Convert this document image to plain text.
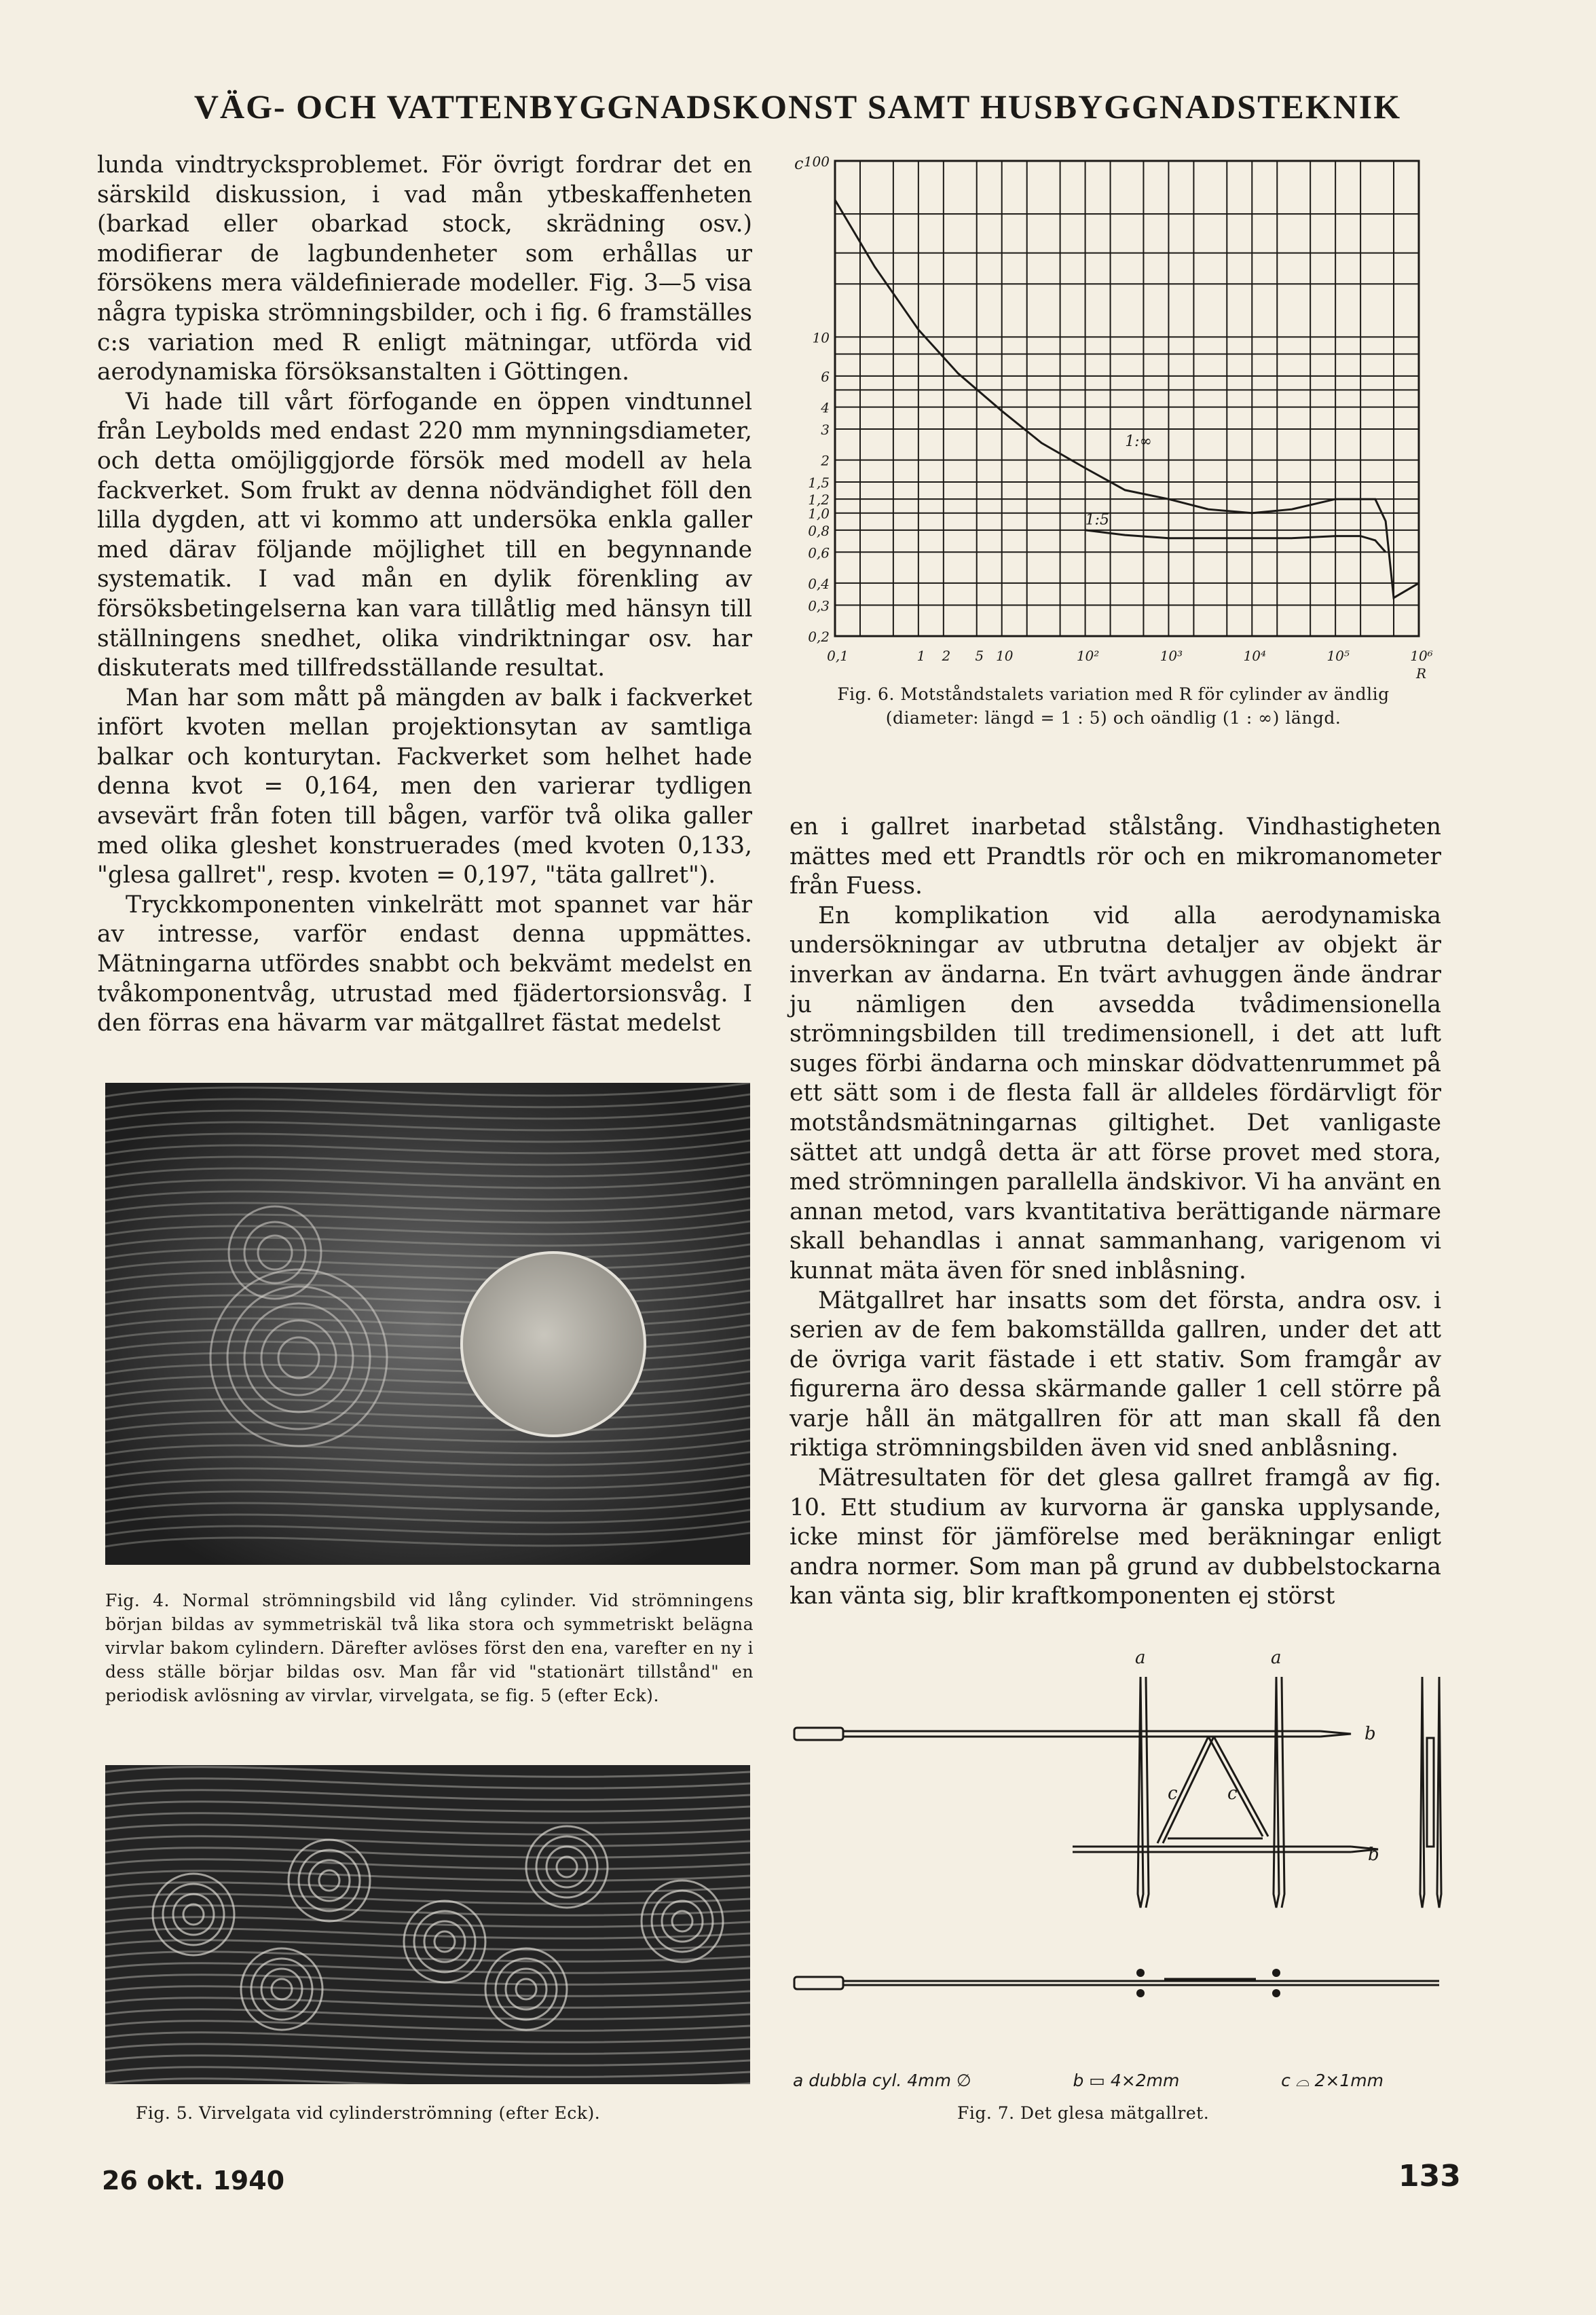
VÄG- OCH VATTENBYGGNADSKONST SAMT HUSBYGGNADSTEKNIK

lunda vindtrycksproblemet. För övrigt fordrar det en särskild diskussion, i vad mån ytbeskaffenheten (barkad eller obarkad stock, skrädning osv.) modifierar de lagbundenheter som erhållas ur försökens mera väldefinierade modeller. Fig. 3—5 visa några typiska strömningsbilder, och i fig. 6 framställes c:s variation med R enligt mätningar, utförda vid aerodynamiska försöksanstalten i Göttingen.

Vi hade till vårt förfogande en öppen vindtunnel från Leybolds med endast 220 mm mynningsdiameter, och detta omöjliggjorde försök med modell av hela fackverket. Som frukt av denna nödvändighet föll den lilla dygden, att vi kommo att undersöka enkla galler med därav följande möjlighet till en begynnande systematik. I vad mån en dylik förenkling av försöksbetingelserna kan vara tillåtlig med hänsyn till ställningens snedhet, olika vindriktningar osv. har diskuterats med tillfredsställande resultat.

Man har som mått på mängden av balk i fackverket infört kvoten mellan projektionsytan av samtliga balkar och konturytan. Fackverket som helhet hade denna kvot = 0,164, men den varierar tydligen avsevärt från foten till bågen, varför två olika galler med olika gleshet konstruerades (med kvoten 0,133, "glesa gallret", resp. kvoten = 0,197, "täta gallret").

Tryckkomponenten vinkelrätt mot spannet var här av intresse, varför endast denna uppmättes. Mätningarna utfördes snabbt och bekvämt medelst en tvåkomponentvåg, utrustad med fjädertorsionsvåg. I den förras ena hävarm var mätgallret fästat medelst

100
10
6
4
3
2
1,5
1,2
1,0
0,8
0,6
0,4
0,3
0,2
0,1	1 2 5 10	10²	10³	10⁴	10⁵	10⁶
c
R
1:∞
1:5
Fig. 6. Motståndstalets variation med R för cylinder av ändlig (diameter: längd = 1 : 5) och oändlig (1 : ∞) längd.

en i gallret inarbetad stålstång. Vindhastigheten mättes med ett Prandtls rör och en mikromanometer från Fuess.

En komplikation vid alla aerodynamiska undersökningar av utbrutna detaljer av objekt är inverkan av ändarna. En tvärt avhuggen ände ändrar ju nämligen den avsedda tvådimensionella strömningsbilden till tredimensionell, i det att luft suges förbi ändarna och minskar dödvattenrummet på ett sätt som i de flesta fall är alldeles fördärvligt för motståndsmätningarnas giltighet. Det vanligaste sättet att undgå detta är att förse provet med stora, med strömningen parallella ändskivor. Vi ha använt en annan metod, vars kvantitativa berättigande närmare skall behandlas i annat sammanhang, varigenom vi kunnat mäta även för sned inblåsning.

Mätgallret har insatts som det första, andra osv. i serien av de fem bakomställda gallren, under det att de övriga varit fästade i ett stativ. Som framgår av figurerna äro dessa skärmande galler 1 cell större på varje håll än mätgallren för att man skall få den riktiga strömningsbilden även vid sned anblåsning.

Mätresultaten för det glesa gallret framgå av fig. 10. Ett studium av kurvorna är ganska upplysande, icke minst för jämförelse med beräkningar enligt andra normer. Som man på grund av dubbelstockarna kan vänta sig, blir kraftkomponenten ej störst

Fig. 4. Normal strömningsbild vid lång cylinder. Vid strömningens början bildas av symmetriskäl två lika stora och symmetriskt belägna virvlar bakom cylindern. Därefter avlöses först den ena, varefter en ny i dess ställe börjar bildas osv. Man får vid "stationärt tillstånd" en periodisk avlösning av virvlar, virvelgata, se fig. 5 (efter Eck).
Fig. 5. Virvelgata vid cylinderströmning (efter Eck).
a	a
b
b
c	c
a dubbla cyl. 4mm ∅	b ▭ 4×2mm	c ⌓ 2×1mm
Fig. 7. Det glesa mätgallret.
26 okt. 1940	133
